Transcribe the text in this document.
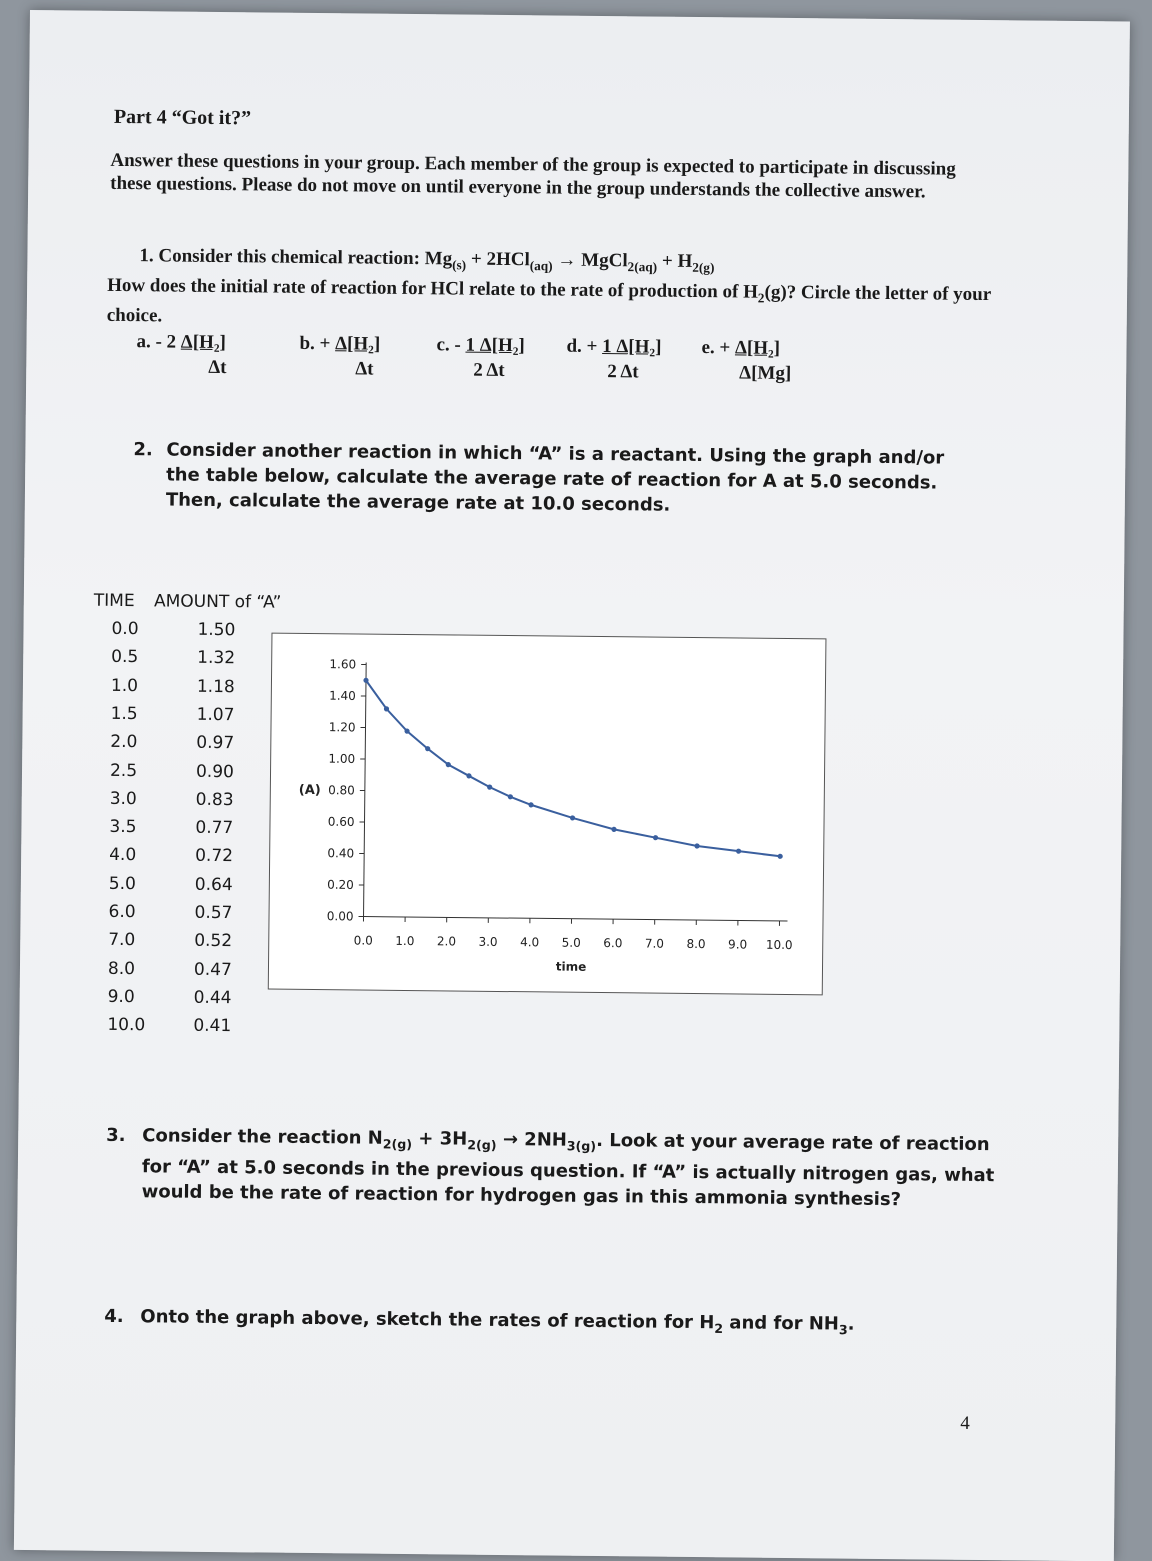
Part 4 “Got it?”
Answer these questions in your group. Each member of the group is expected to participate in discussing these questions. Please do not move on until everyone in the group understands the collective answer.
1. Consider this chemical reaction: $Mg_{(s)} + 2HCl_{(aq)}$ → MgCl$_{2(aq)}$ + $H_{2(g)}$
How does the initial rate of reaction for HCl relate to the rate of production of $H_2(g)$? Circle the letter of your choice.
a. - 2 Δ[H₂]
Δt
b. + Δ[H₂]
Δt
c. - 1 Δ[H₂]
2 Δt
d. + 1 Δ[H₂]
2 Δt
e. + Δ[H₂]
Δ[Mg]
2. Consider another reaction in which “A” is a reactant. Using the graph and/or the table below, calculate the average rate of reaction for A at 5.0 seconds. Then, calculate the average rate at 10.0 seconds.
TIME AMOUNT of “A”
0.0	1.50
0.5	1.32
1.0	1.18
1.5	1.07
2.0	0.97
2.5	0.90
3.0	0.83
3.5	0.77
4.0	0.72
5.0	0.64
6.0	0.57
7.0	0.52
8.0	0.47
9.0	0.44
10.0	0.41
0.00
0.20
0.40
0.60
0.80
1.00
1.20
1.40
1.60
0.0 1.0 2.0 3.0 4.0 5.0 6.0 7.0 8.0 9.0 10.0
(A)
time
3. Consider the reaction $N_{2(g)} + 3H_{2(g)} \to 2NH_{3(g)}$. Look at your average rate of reaction for “A” at 5.0 seconds in the previous question. If “A” is actually nitrogen gas, what would be the rate of reaction for hydrogen gas in this ammonia synthesis?
4. Onto the graph above, sketch the rates of reaction for $H_2$ and for $NH_3$.
4
